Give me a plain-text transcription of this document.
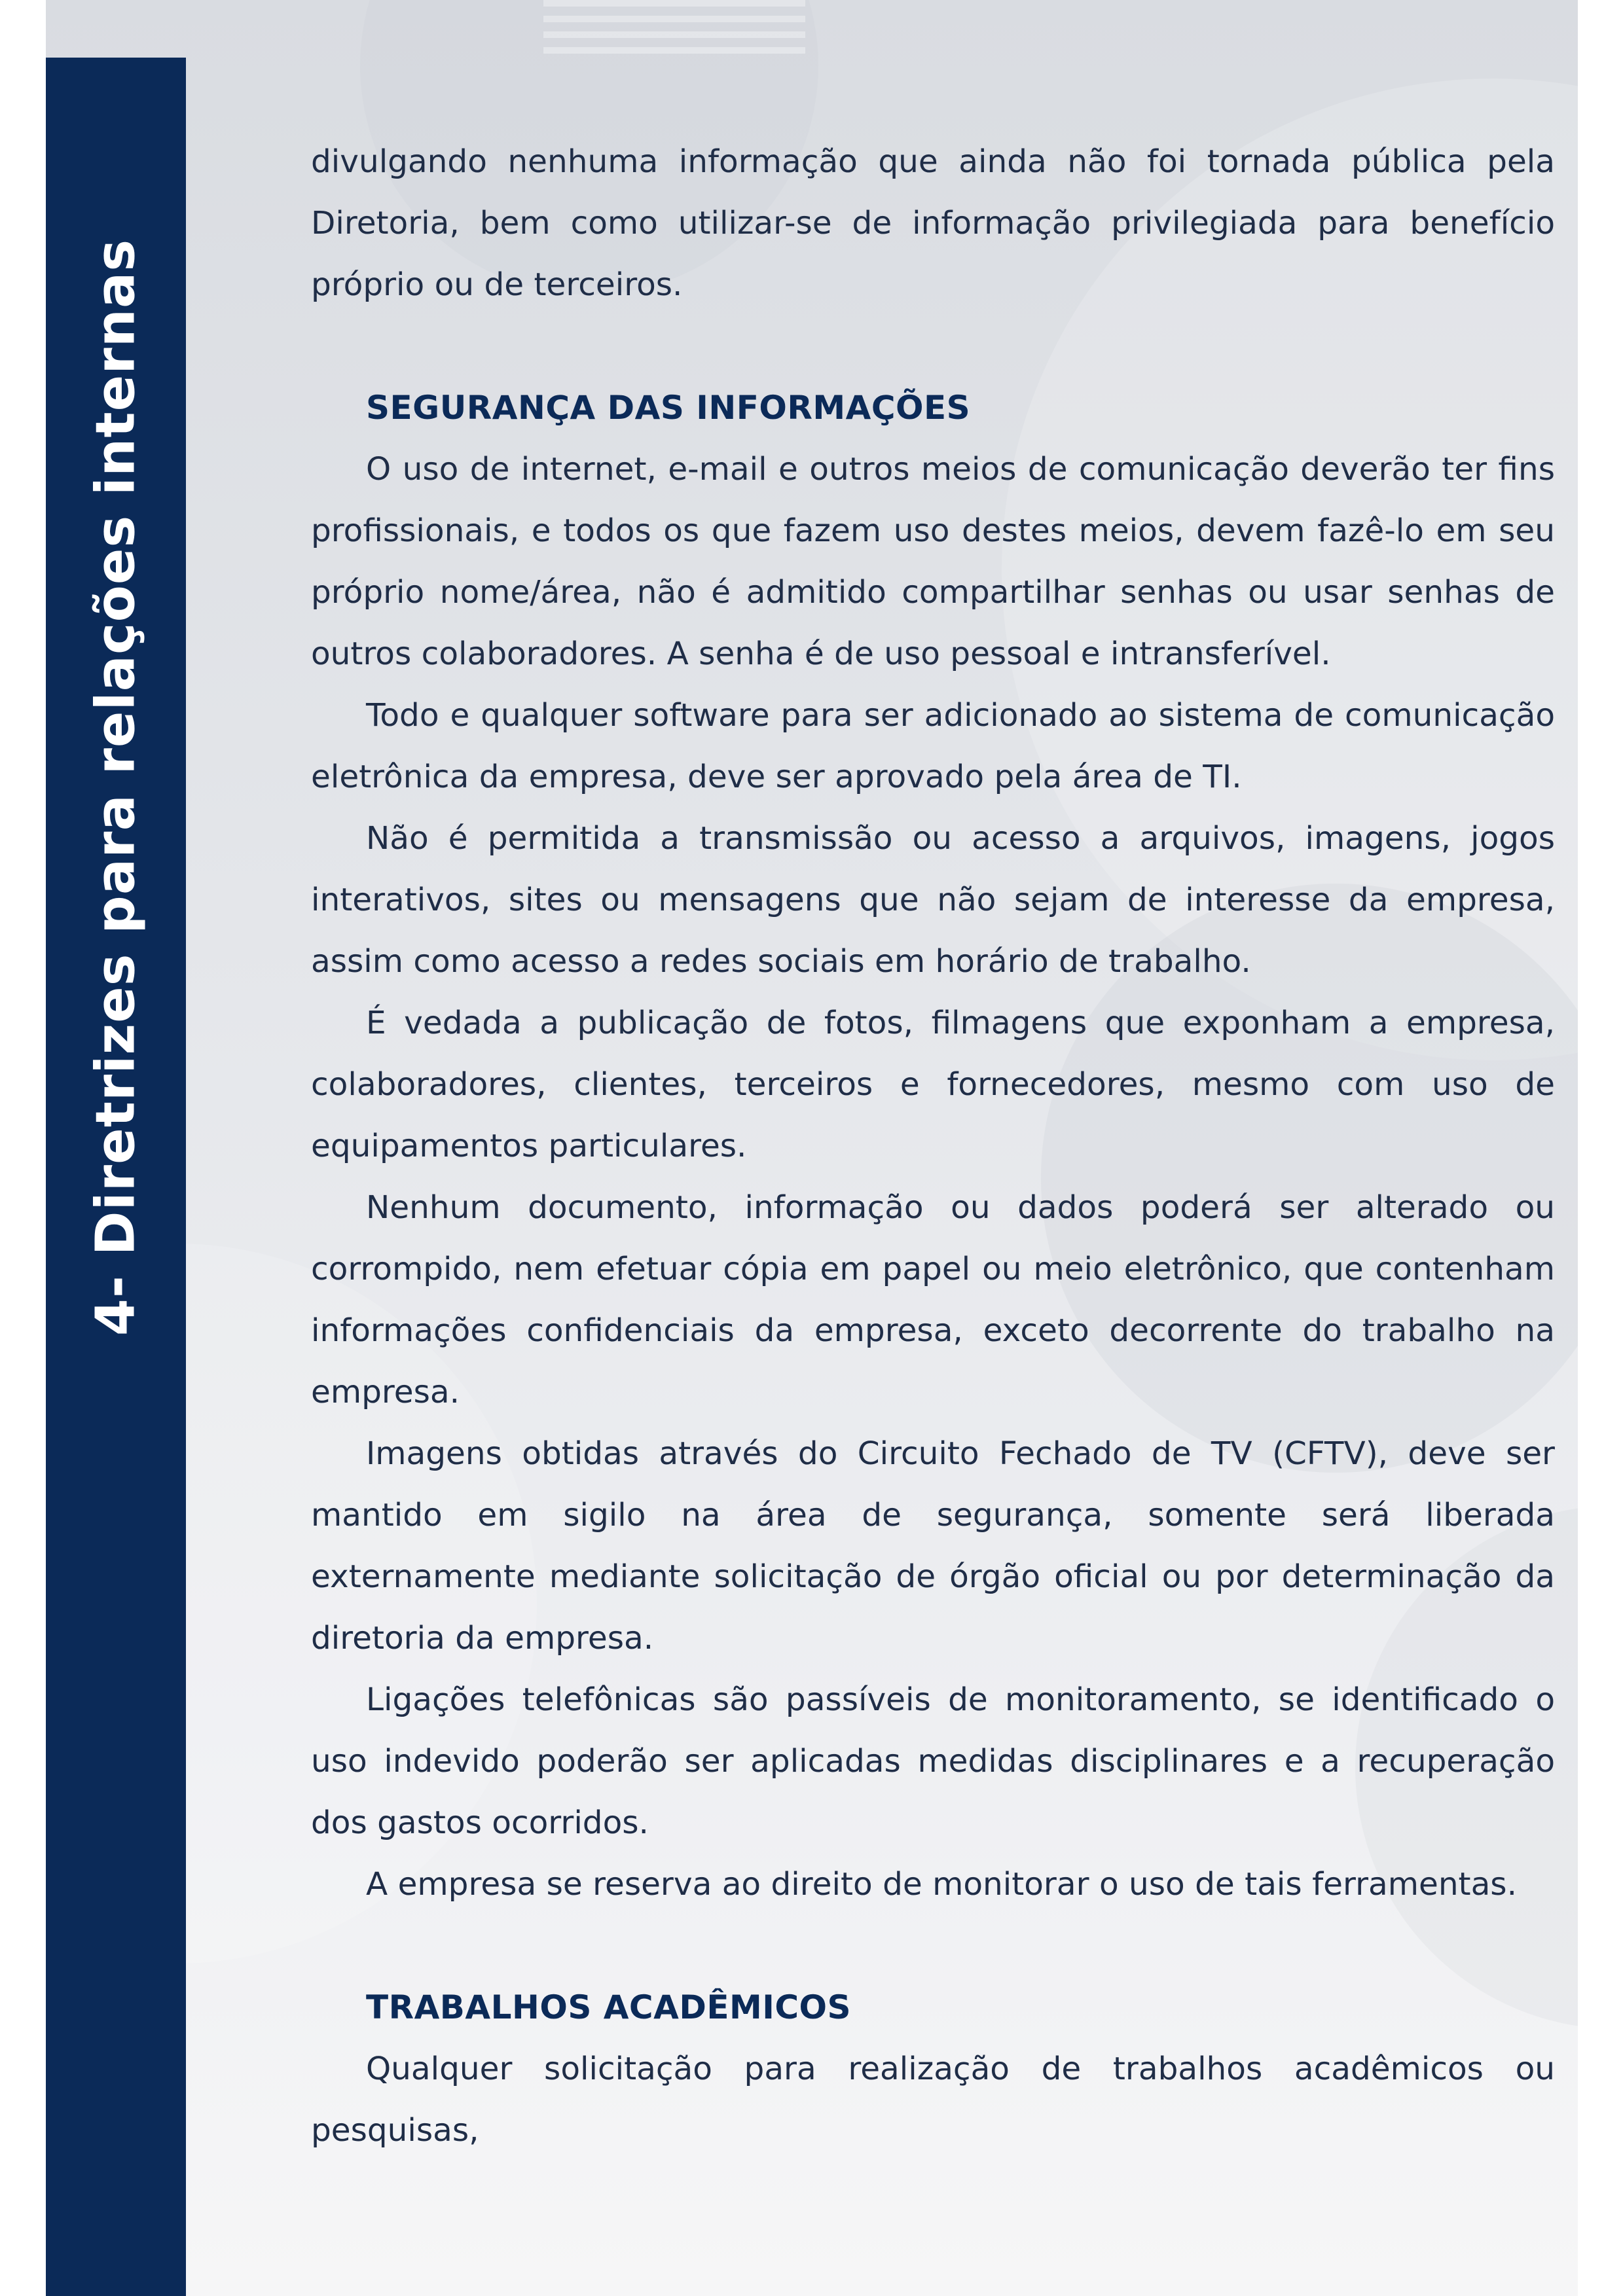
4- Diretrizes para relações internas

divulgando nenhuma informação que ainda não foi tornada pública pela Diretoria, bem como utilizar-se de informação privilegiada para benefício próprio ou de terceiros.

SEGURANÇA DAS INFORMAÇÕES

O uso de internet, e-mail e outros meios de comunicação deverão ter fins profissionais, e todos os que fazem uso destes meios, devem fazê-lo em seu próprio nome/área, não é admitido compartilhar senhas ou usar senhas de outros colaboradores. A senha é de uso pessoal e intransferível.

Todo e qualquer software para ser adicionado ao sistema de comunicação eletrônica da empresa, deve ser aprovado pela área de TI.

Não é permitida a transmissão ou acesso a arquivos, imagens, jogos interativos, sites ou mensagens que não sejam de interesse da empresa, assim como acesso a redes sociais em horário de trabalho.

É vedada a publicação de fotos, filmagens que exponham a empresa, colaboradores, clientes, terceiros e fornecedores, mesmo com uso de equipamentos particulares.

Nenhum documento, informação ou dados poderá ser alterado ou corrompido, nem efetuar cópia em papel ou meio eletrônico, que contenham informações confidenciais da empresa, exceto decorrente do trabalho na empresa.

Imagens obtidas através do Circuito Fechado de TV (CFTV), deve ser mantido em sigilo na área de segurança, somente será liberada externamente mediante solicitação de órgão oficial ou por determinação da diretoria da empresa.

Ligações telefônicas são passíveis de monitoramento, se identificado o uso indevido poderão ser aplicadas medidas disciplinares e a recuperação dos gastos ocorridos.

A empresa se reserva ao direito de monitorar o uso de tais ferramentas.

TRABALHOS ACADÊMICOS

Qualquer solicitação para realização de trabalhos acadêmicos ou pesquisas,
